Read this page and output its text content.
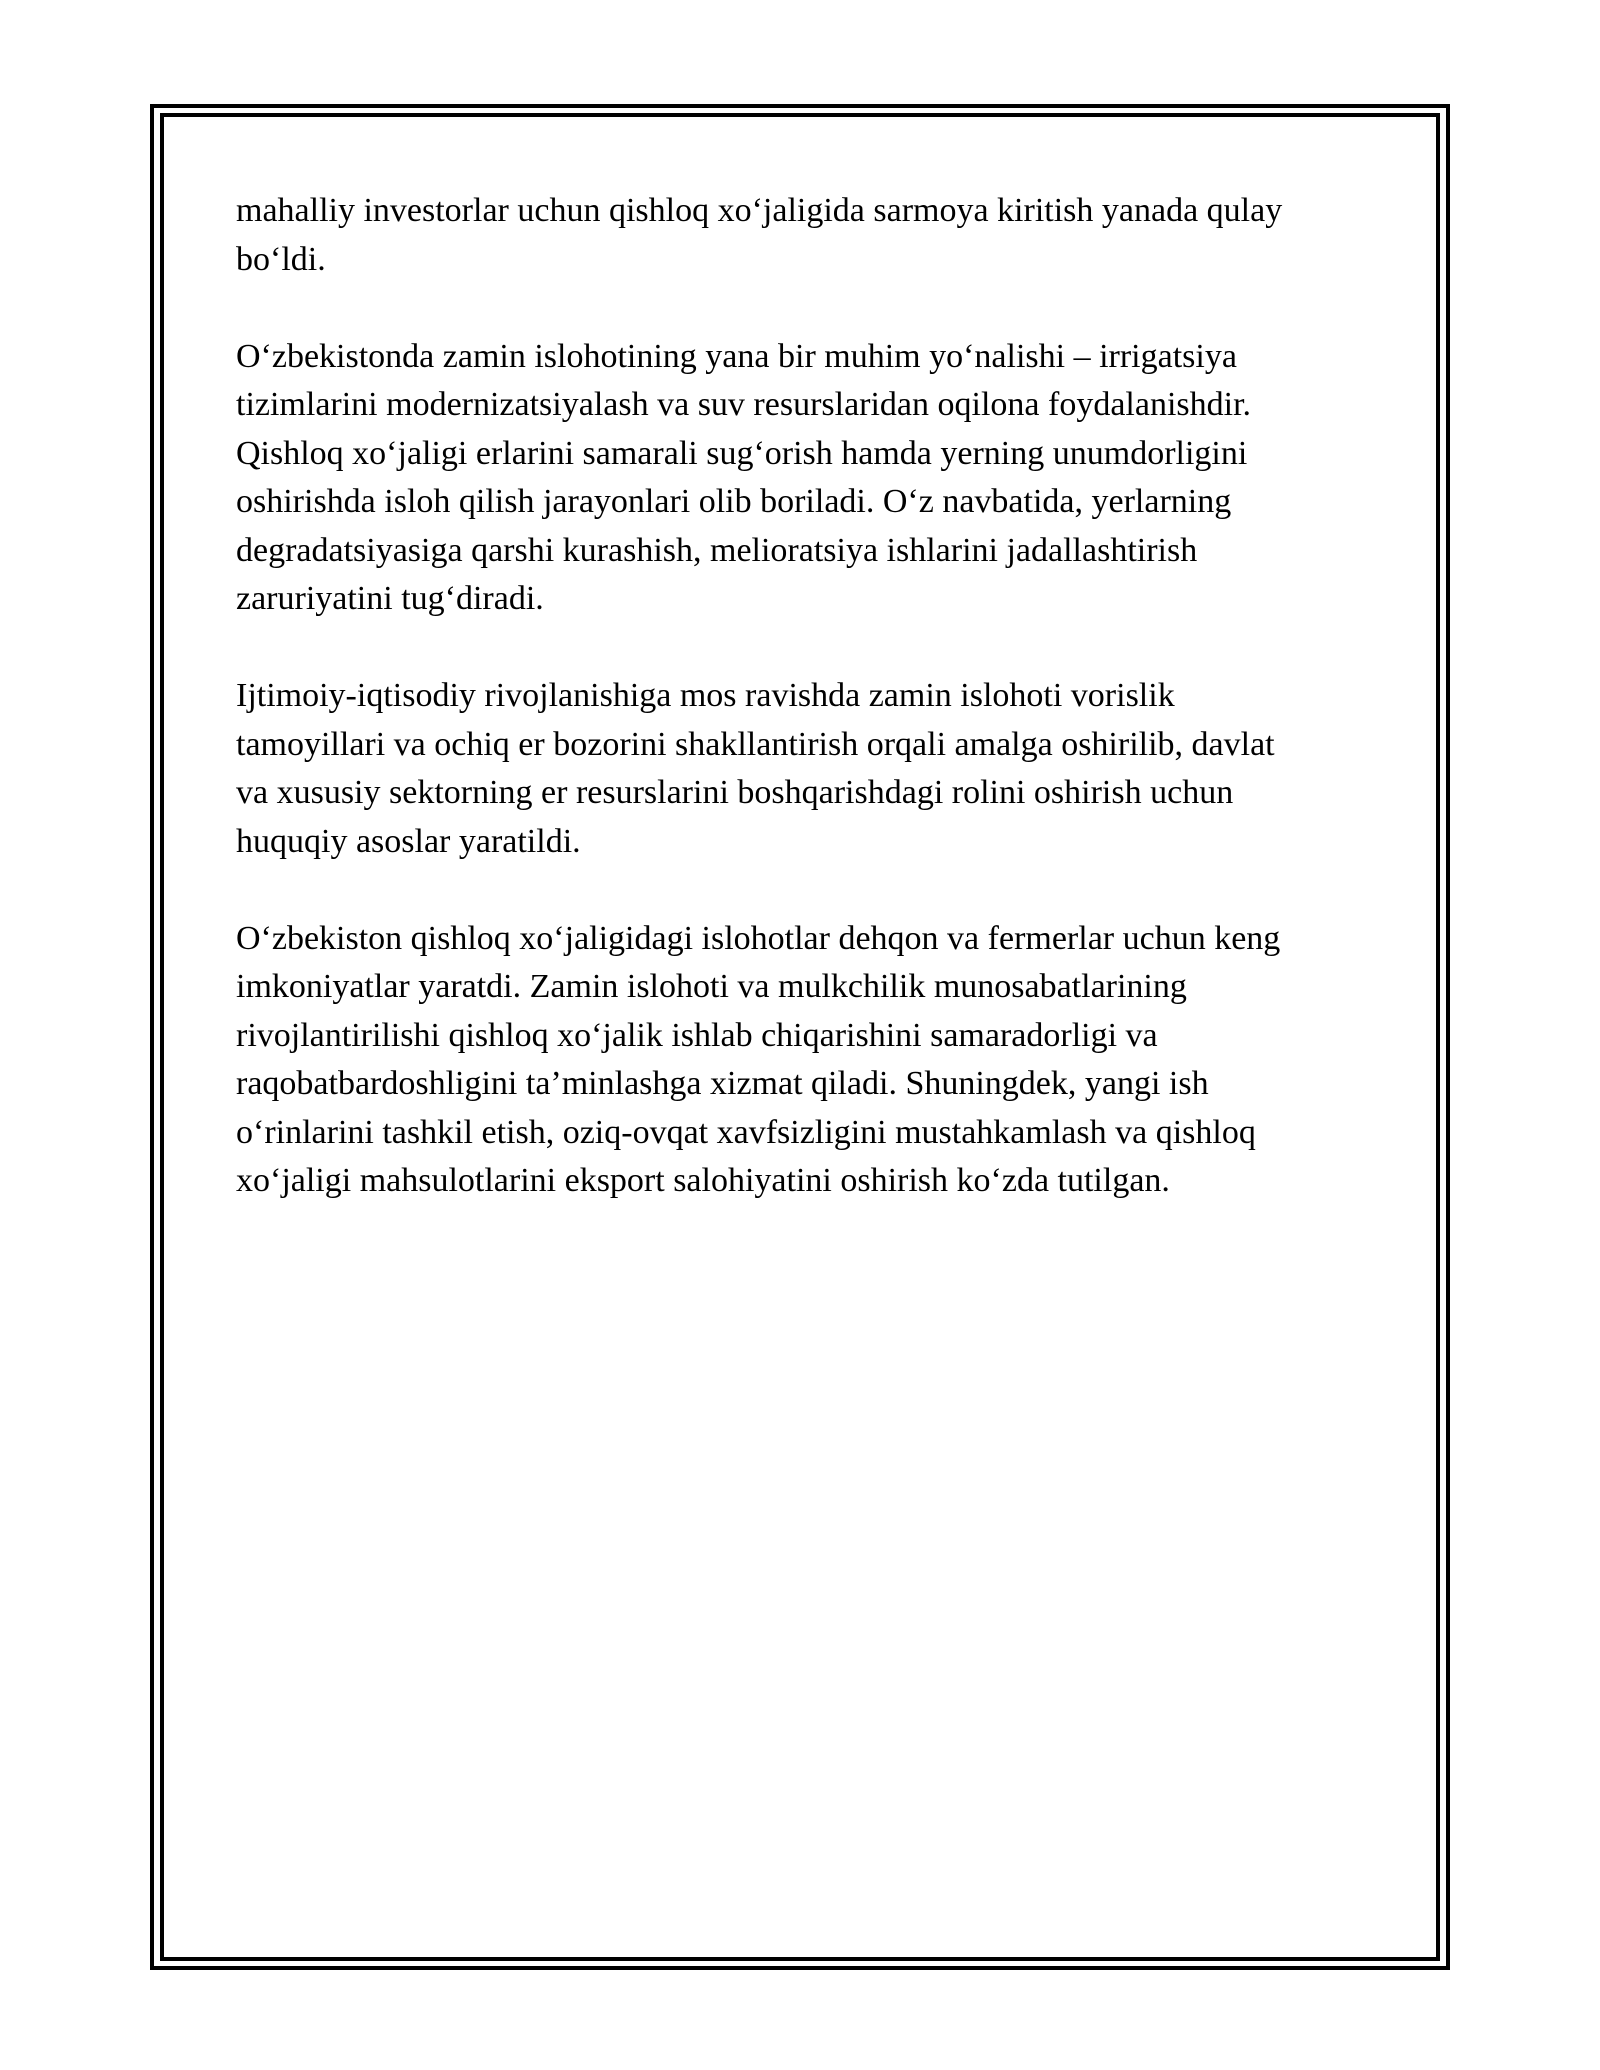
mahalliy investorlar uchun qishloq xo‘jaligida sarmoya kiritish yanada qulay
bo‘ldi.

O‘zbekistonda zamin islohotining yana bir muhim yo‘nalishi – irrigatsiya
tizimlarini modernizatsiyalash va suv resurslaridan oqilona foydalanishdir.
Qishloq xo‘jaligi erlarini samarali sug‘orish hamda yerning unumdorligini
oshirishda isloh qilish jarayonlari olib boriladi. O‘z navbatida, yerlarning
degradatsiyasiga qarshi kurashish, melioratsiya ishlarini jadallashtirish
zaruriyatini tug‘diradi.

Ijtimoiy-iqtisodiy rivojlanishiga mos ravishda zamin islohoti vorislik
tamoyillari va ochiq er bozorini shakllantirish orqali amalga oshirilib, davlat
va xususiy sektorning er resurslarini boshqarishdagi rolini oshirish uchun
huquqiy asoslar yaratildi.

O‘zbekiston qishloq xo‘jaligidagi islohotlar dehqon va fermerlar uchun keng
imkoniyatlar yaratdi. Zamin islohoti va mulkchilik munosabatlarining
rivojlantirilishi qishloq xo‘jalik ishlab chiqarishini samaradorligi va
raqobatbardoshligini ta’minlashga xizmat qiladi. Shuningdek, yangi ish
o‘rinlarini tashkil etish, oziq-ovqat xavfsizligini mustahkamlash va qishloq
xo‘jaligi mahsulotlarini eksport salohiyatini oshirish ko‘zda tutilgan.
